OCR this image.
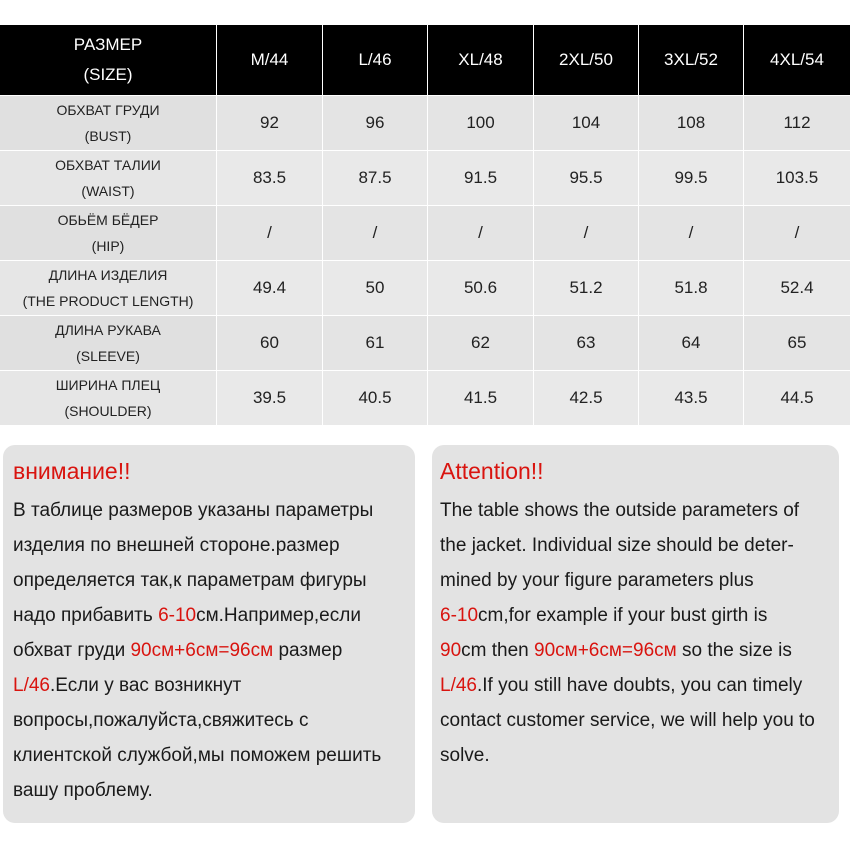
РАЗМЕР
(SIZE)	M/44	L/46	XL/48	2XL/50	3XL/52	4XL/54

ОБХВАТ ГРУДИ
(BUST)	92	96	100	104	108	112

ОБХВАТ ТАЛИИ
(WAIST)	83.5	87.5	91.5	95.5	99.5	103.5

ОБЬЁМ БЁДЕР
(HIP)	/	/	/	/	/	/

ДЛИНА ИЗДЕЛИЯ
(THE PRODUCT LENGTH)	49.4	50	50.6	51.2	51.8	52.4

ДЛИНА РУКАВА
(SLEEVE)	60	61	62	63	64	65

ШИРИНА ПЛЕЦ
(SHOULDER)	39.5	40.5	41.5	42.5	43.5	44.5
внимание!!
В таблице размеров указаны параметры
изделия по внешней стороне.размер
определяется так,к параметрам фигуры
надо прибавить 6-10см.Например,если
обхват груди 90см+6см=96см размер
L/46.Если у вас возникнут
вопросы,пожалуйста,свяжитесь с
клиентской службой,мы поможем решить
вашу проблему.
Attention!!
The table shows the outside parameters of
the jacket. Individual size should be deter-
mined by your figure parameters plus
6-10cm,for example if your bust girth is
90cm then 90см+6см=96см so the size is
L/46.If you still have doubts, you can timely
contact customer service, we will help you to
solve.
